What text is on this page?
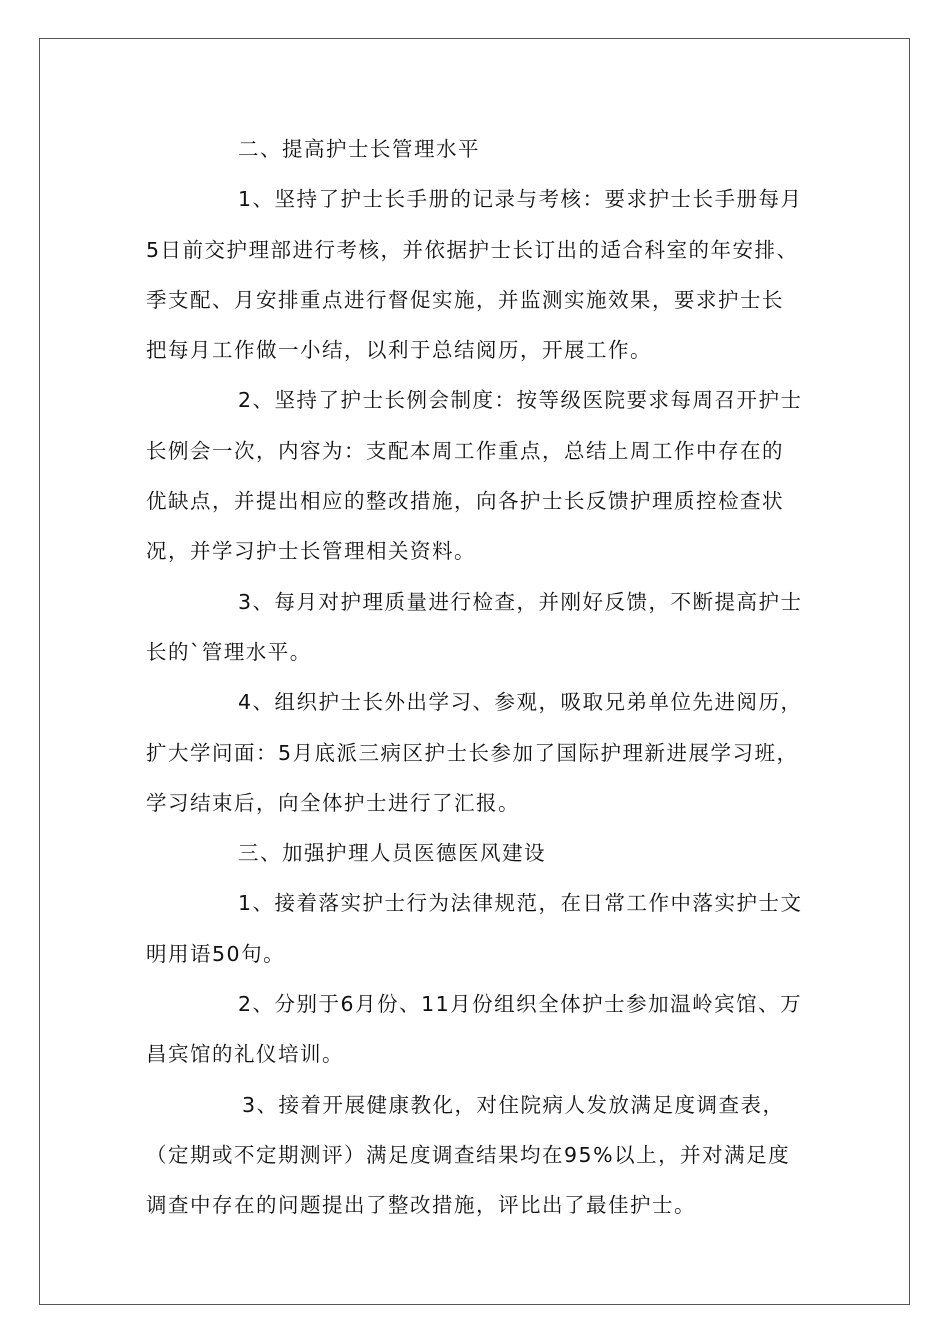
二、提高护士长管理水平

1、坚持了护士长手册的记录与考核：要求护士长手册每月
5日前交护理部进行考核，并依据护士长订出的适合科室的年安排、
季支配、月安排重点进行督促实施，并监测实施效果，要求护士长
把每月工作做一小结，以利于总结阅历，开展工作。

2、坚持了护士长例会制度：按等级医院要求每周召开护士
长例会一次，内容为：支配本周工作重点，总结上周工作中存在的
优缺点，并提出相应的整改措施，向各护士长反馈护理质控检查状
况，并学习护士长管理相关资料。

3、每月对护理质量进行检查，并刚好反馈，不断提高护士
长的`管理水平。

4、组织护士长外出学习、参观，吸取兄弟单位先进阅历，
扩大学问面：5月底派三病区护士长参加了国际护理新进展学习班，
学习结束后，向全体护士进行了汇报。

三、加强护理人员医德医风建设

1、接着落实护士行为法律规范，在日常工作中落实护士文
明用语50句。

2、分别于6月份、11月份组织全体护士参加温岭宾馆、万
昌宾馆的礼仪培训。

3、接着开展健康教化，对住院病人发放满足度调查表，
（定期或不定期测评）满足度调查结果均在95%以上，并对满足度
调查中存在的问题提出了整改措施，评比出了最佳护士。
